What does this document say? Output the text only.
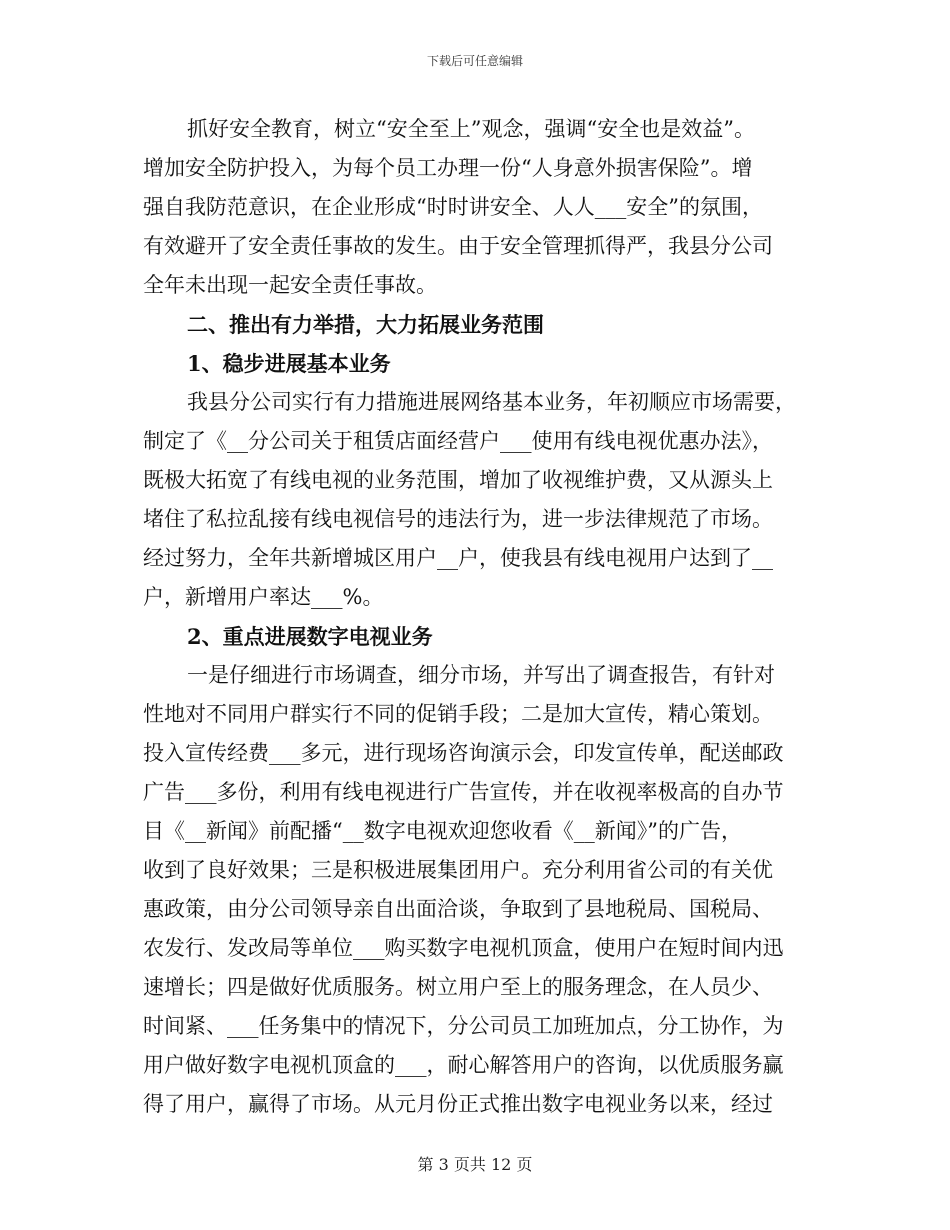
下载后可任意编辑
抓好安全教育，树立“安全至上”观念，强调“安全也是效益”。
增加安全防护投入，为每个员工办理一份“人身意外损害保险”。增
强自我防范意识，在企业形成“时时讲安全、人人___安全”的氛围，
有效避开了安全责任事故的发生。由于安全管理抓得严，我县分公司
全年未出现一起安全责任事故。
二、推出有力举措，大力拓展业务范围
1、稳步进展基本业务
我县分公司实行有力措施进展网络基本业务，年初顺应市场需要，
制定了《__分公司关于租赁店面经营户___使用有线电视优惠办法》，
既极大拓宽了有线电视的业务范围，增加了收视维护费，又从源头上
堵住了私拉乱接有线电视信号的违法行为，进一步法律规范了市场。
经过努力，全年共新增城区用户__户，使我县有线电视用户达到了__
户，新增用户率达___%。
2、重点进展数字电视业务
一是仔细进行市场调查，细分市场，并写出了调查报告，有针对
性地对不同用户群实行不同的促销手段；二是加大宣传，精心策划。
投入宣传经费___多元，进行现场咨询演示会，印发宣传单，配送邮政
广告___多份，利用有线电视进行广告宣传，并在收视率极高的自办节
目《__新闻》前配播“__数字电视欢迎您收看《__新闻》”的广告，
收到了良好效果；三是积极进展集团用户。充分利用省公司的有关优
惠政策，由分公司领导亲自出面洽谈，争取到了县地税局、国税局、
农发行、发改局等单位___购买数字电视机顶盒，使用户在短时间内迅
速增长；四是做好优质服务。树立用户至上的服务理念，在人员少、
时间紧、___任务集中的情况下，分公司员工加班加点，分工协作，为
用户做好数字电视机顶盒的___，耐心解答用户的咨询，以优质服务赢
得了用户，赢得了市场。从元月份正式推出数字电视业务以来，经过
第 3 页共 12 页
